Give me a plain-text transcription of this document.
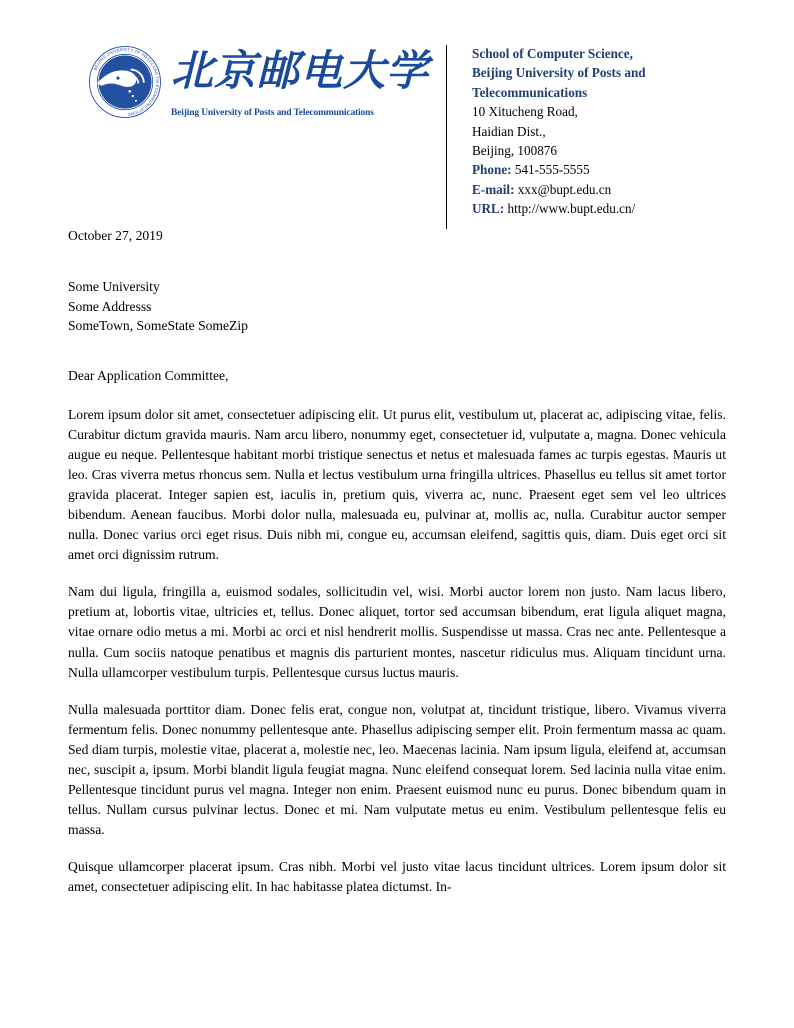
BEIJING UNIVERSITY OF POSTS AND TELECOMMUNICATIONS
北京邮电大学
Beijing University of Posts and Telecommunications
School of Computer Science,
Beijing University of Posts and
Telecommunications
10 Xitucheng Road,
Haidian Dist.,
Beijing, 100876
Phone: 541-555-5555
E-mail: xxx@bupt.edu.cn
URL: http://www.bupt.edu.cn/
October 27, 2019
Some University
Some Addresss
SomeTown, SomeState SomeZip
Dear Application Committee,

Lorem ipsum dolor sit amet, consectetuer adipiscing elit. Ut purus elit, vestibulum ut, placerat ac, adipiscing vitae, felis. Curabitur dictum gravida mauris. Nam arcu libero, nonummy eget, consectetuer id, vulputate a, magna. Donec vehicula augue eu neque. Pellentesque habitant morbi tristique senectus et netus et malesuada fames ac turpis egestas. Mauris ut leo. Cras viverra metus rhoncus sem. Nulla et lectus vestibulum urna fringilla ultrices. Phasellus eu tellus sit amet tortor gravida placerat. Integer sapien est, iaculis in, pretium quis, viverra ac, nunc. Praesent eget sem vel leo ultrices bibendum. Aenean faucibus. Morbi dolor nulla, malesuada eu, pulvinar at, mollis ac, nulla. Curabitur auctor semper nulla. Donec varius orci eget risus. Duis nibh mi, congue eu, accumsan eleifend, sagittis quis, diam. Duis eget orci sit amet orci dignissim rutrum.

Nam dui ligula, fringilla a, euismod sodales, sollicitudin vel, wisi. Morbi auctor lorem non justo. Nam lacus libero, pretium at, lobortis vitae, ultricies et, tellus. Donec aliquet, tortor sed accumsan bibendum, erat ligula aliquet magna, vitae ornare odio metus a mi. Morbi ac orci et nisl hendrerit mollis. Suspendisse ut massa. Cras nec ante. Pellentesque a nulla. Cum sociis natoque penatibus et magnis dis parturient montes, nascetur ridiculus mus. Aliquam tincidunt urna. Nulla ullamcorper vestibulum turpis. Pellentesque cursus luctus mauris.

Nulla malesuada porttitor diam. Donec felis erat, congue non, volutpat at, tincidunt tristique, libero. Vivamus viverra fermentum felis. Donec nonummy pellentesque ante. Phasellus adipiscing semper elit. Proin fermentum massa ac quam. Sed diam turpis, molestie vitae, placerat a, molestie nec, leo. Maecenas lacinia. Nam ipsum ligula, eleifend at, accumsan nec, suscipit a, ipsum. Morbi blandit ligula feugiat magna. Nunc eleifend consequat lorem. Sed lacinia nulla vitae enim. Pellentesque tincidunt purus vel magna. Integer non enim. Praesent euismod nunc eu purus. Donec bibendum quam in tellus. Nullam cursus pulvinar lectus. Donec et mi. Nam vulputate metus eu enim. Vestibulum pellentesque felis eu massa.

Quisque ullamcorper placerat ipsum. Cras nibh. Morbi vel justo vitae lacus tincidunt ultrices. Lorem ipsum dolor sit amet, consectetuer adipiscing elit. In hac habitasse platea dictumst. In-
